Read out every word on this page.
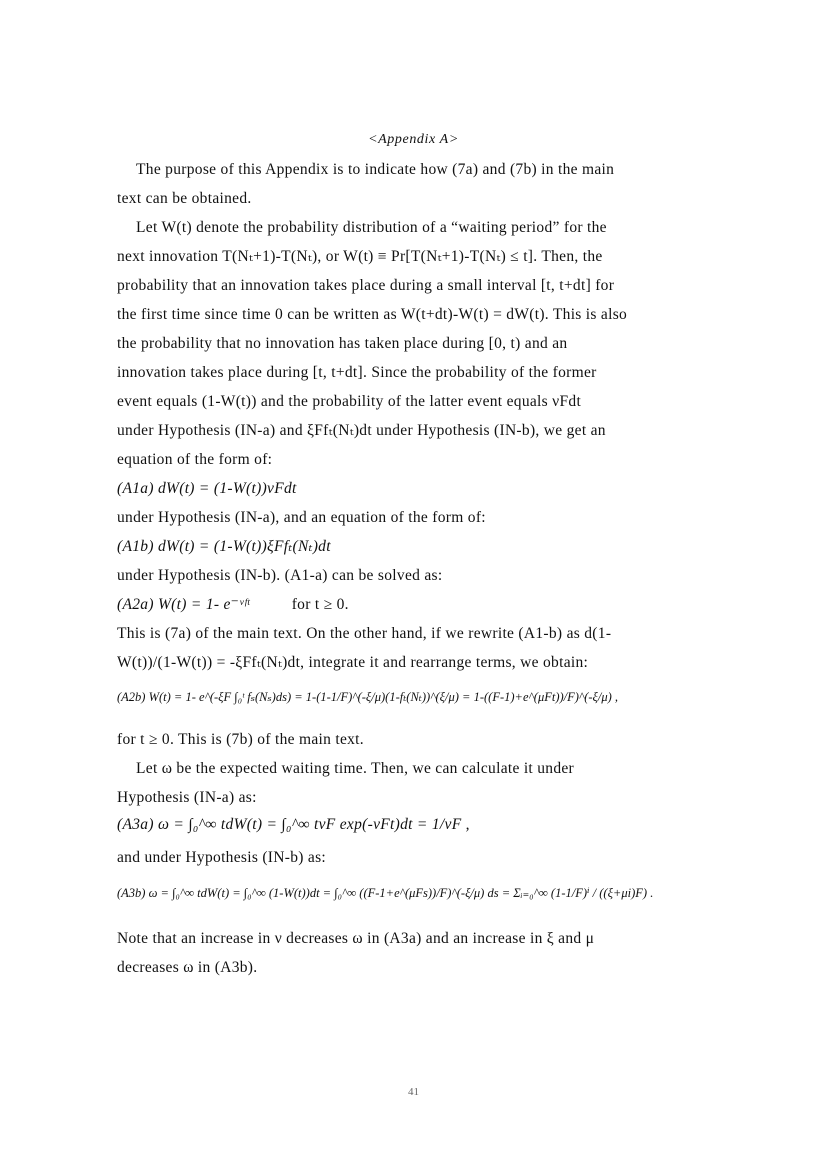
<Appendix A>
The purpose of this Appendix is to indicate how (7a) and (7b) in the main
text can be obtained.
Let W(t) denote the probability distribution of a “waiting period” for the
next innovation T(Nₜ+1)-T(Nₜ), or W(t) ≡ Pr[T(Nₜ+1)-T(Nₜ) ≤ t]. Then, the
probability that an innovation takes place during a small interval [t, t+dt] for
the first time since time 0 can be written as W(t+dt)-W(t) = dW(t). This is also
the probability that no innovation has taken place during [0, t) and an
innovation takes place during [t, t+dt]. Since the probability of the former
event equals (1-W(t)) and the probability of the latter event equals νFdt
under Hypothesis (IN-a) and ξFfₜ(Nₜ)dt under Hypothesis (IN-b), we get an
equation of the form of:
(A1a) dW(t) = (1-W(t))νFdt
under Hypothesis (IN-a), and an equation of the form of:
(A1b) dW(t) = (1-W(t))ξFfₜ(Nₜ)dt
under Hypothesis (IN-b). (A1-a) can be solved as:
(A2a) W(t) = 1- e⁻ᵛᶠᵗ	for t ≥ 0.
This is (7a) of the main text. On the other hand, if we rewrite (A1-b) as d(1-
W(t))/(1-W(t)) = -ξFfₜ(Nₜ)dt, integrate it and rearrange terms, we obtain:
(A2b) W(t) = 1- e^(-ξF ∫₀ᵗ fₛ(Nₛ)ds) = 1-(1-1/F)^(-ξ/μ)(1-fₜ(Nₜ))^(ξ/μ) = 1-((F-1)+e^(μFt))/F)^(-ξ/μ) ,
for t ≥ 0. This is (7b) of the main text.
Let ω be the expected waiting time. Then, we can calculate it under
Hypothesis (IN-a) as:
(A3a) ω = ∫₀^∞ tdW(t) = ∫₀^∞ tνF exp(-νFt)dt = 1/νF ,
and under Hypothesis (IN-b) as:
(A3b) ω = ∫₀^∞ tdW(t) = ∫₀^∞ (1-W(t))dt = ∫₀^∞ ((F-1+e^(μFs))/F)^(-ξ/μ) ds = Σᵢ₌₀^∞ (1-1/F)ⁱ / ((ξ+μi)F) .
Note that an increase in ν decreases ω in (A3a) and an increase in ξ and μ
decreases ω in (A3b).
41
